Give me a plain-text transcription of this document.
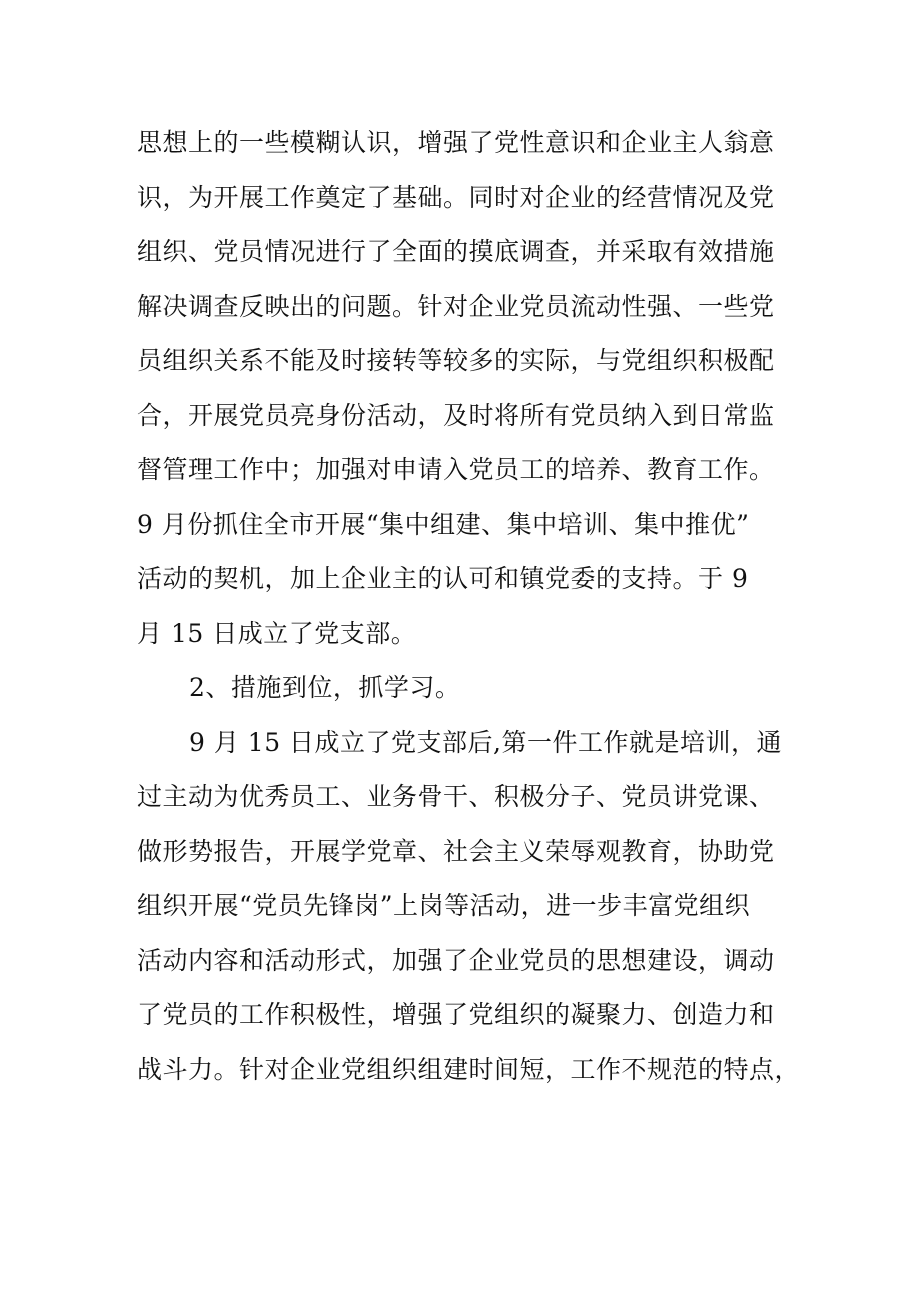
思想上的一些模糊认识，增强了党性意识和企业主人翁意
识，为开展工作奠定了基础。同时对企业的经营情况及党
组织、党员情况进行了全面的摸底调查，并采取有效措施
解决调查反映出的问题。针对企业党员流动性强、一些党
员组织关系不能及时接转等较多的实际，与党组织积极配
合，开展党员亮身份活动，及时将所有党员纳入到日常监
督管理工作中；加强对申请入党员工的培养、教育工作。
9 月份抓住全市开展“集中组建、集中培训、集中推优”
活动的契机，加上企业主的认可和镇党委的支持。于 9
月 15 日成立了党支部。
2、措施到位，抓学习。
9 月 15 日成立了党支部后,第一件工作就是培训，通
过主动为优秀员工、业务骨干、积极分子、党员讲党课、
做形势报告，开展学党章、社会主义荣辱观教育，协助党
组织开展“党员先锋岗”上岗等活动，进一步丰富党组织
活动内容和活动形式，加强了企业党员的思想建设，调动
了党员的工作积极性，增强了党组织的凝聚力、创造力和
战斗力。针对企业党组织组建时间短，工作不规范的特点，
